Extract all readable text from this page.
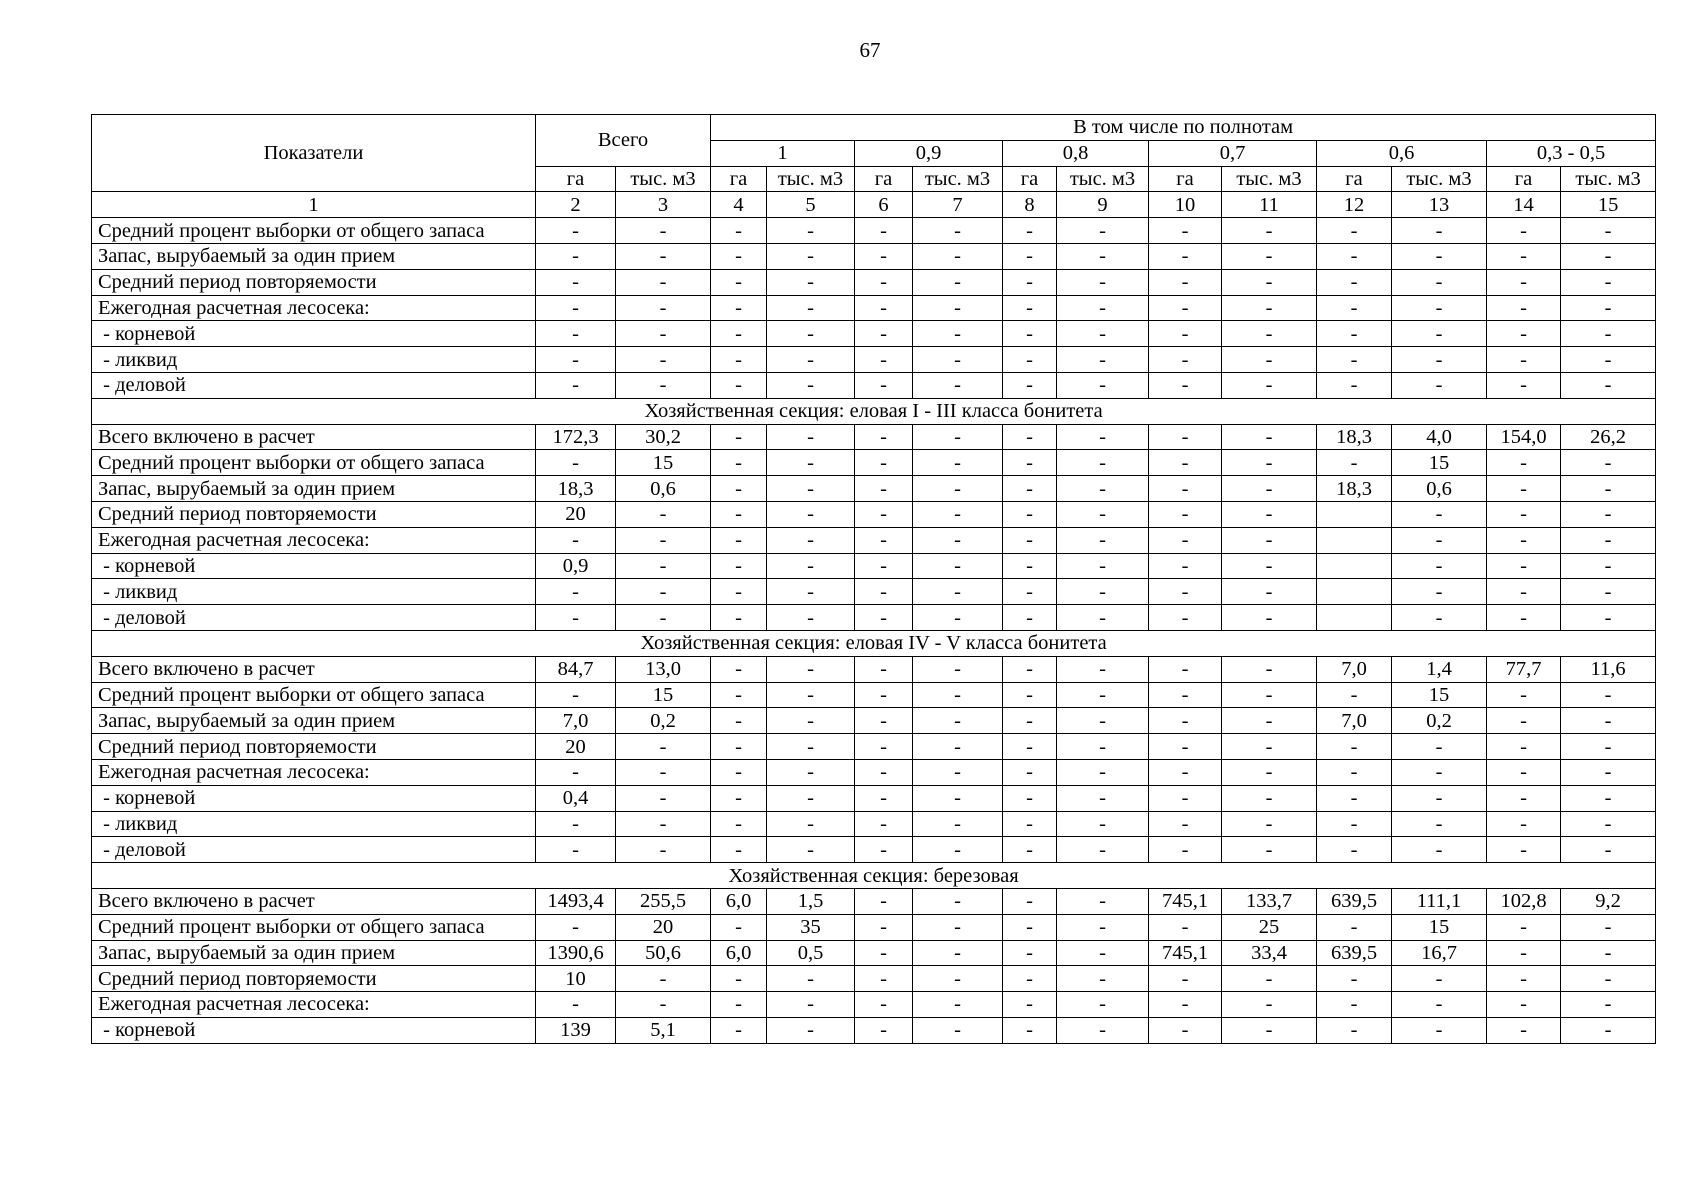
67
Показатели	Всего		В том числе по полнотам											
			1		0,9		0,8		0,7		0,6		0,3 - 0,5	
	га	тыс. м3	га	тыс. м3	га	тыс. м3	га	тыс. м3	га	тыс. м3	га	тыс. м3	га	тыс. м3
1	2	3	4	5	6	7	8	9	10	11	12	13	14	15
Средний процент выборки от общего запаса	-	-	-	-	-	-	-	-	-	-	-	-	-	-
Запас, вырубаемый за один прием	-	-	-	-	-	-	-	-	-	-	-	-	-	-
Средний период повторяемости	-	-	-	-	-	-	-	-	-	-	-	-	-	-
Ежегодная расчетная лесосека:	-	-	-	-	-	-	-	-	-	-	-	-	-	-
- корневой	-	-	-	-	-	-	-	-	-	-	-	-	-	-
- ликвид	-	-	-	-	-	-	-	-	-	-	-	-	-	-
- деловой	-	-	-	-	-	-	-	-	-	-	-	-	-	-
Хозяйственная секция: еловая I - III класса бонитета														
Всего включено в расчет	172,3	30,2	-	-	-	-	-	-	-	-	18,3	4,0	154,0	26,2
Средний процент выборки от общего запаса	-	15	-	-	-	-	-	-	-	-	-	15	-	-
Запас, вырубаемый за один прием	18,3	0,6	-	-	-	-	-	-	-	-	18,3	0,6	-	-
Средний период повторяемости	20	-	-	-	-	-	-	-	-	-		-	-	-
Ежегодная расчетная лесосека:	-	-	-	-	-	-	-	-	-	-		-	-	-
- корневой	0,9	-	-	-	-	-	-	-	-	-		-	-	-
- ликвид	-	-	-	-	-	-	-	-	-	-		-	-	-
- деловой	-	-	-	-	-	-	-	-	-	-		-	-	-
Хозяйственная секция: еловая IV - V класса бонитета														
Всего включено в расчет	84,7	13,0	-	-	-	-	-	-	-	-	7,0	1,4	77,7	11,6
Средний процент выборки от общего запаса	-	15	-	-	-	-	-	-	-	-	-	15	-	-
Запас, вырубаемый за один прием	7,0	0,2	-	-	-	-	-	-	-	-	7,0	0,2	-	-
Средний период повторяемости	20	-	-	-	-	-	-	-	-	-	-	-	-	-
Ежегодная расчетная лесосека:	-	-	-	-	-	-	-	-	-	-	-	-	-	-
- корневой	0,4	-	-	-	-	-	-	-	-	-	-	-	-	-
- ликвид	-	-	-	-	-	-	-	-	-	-	-	-	-	-
- деловой	-	-	-	-	-	-	-	-	-	-	-	-	-	-
Хозяйственная секция: березовая														
Всего включено в расчет	1493,4	255,5	6,0	1,5	-	-	-	-	745,1	133,7	639,5	111,1	102,8	9,2
Средний процент выборки от общего запаса	-	20	-	35	-	-	-	-	-	25	-	15	-	-
Запас, вырубаемый за один прием	1390,6	50,6	6,0	0,5	-	-	-	-	745,1	33,4	639,5	16,7	-	-
Средний период повторяемости	10	-	-	-	-	-	-	-	-	-	-	-	-	-
Ежегодная расчетная лесосека:	-	-	-	-	-	-	-	-	-	-	-	-	-	-
- корневой	139	5,1	-	-	-	-	-	-	-	-	-	-	-	-
